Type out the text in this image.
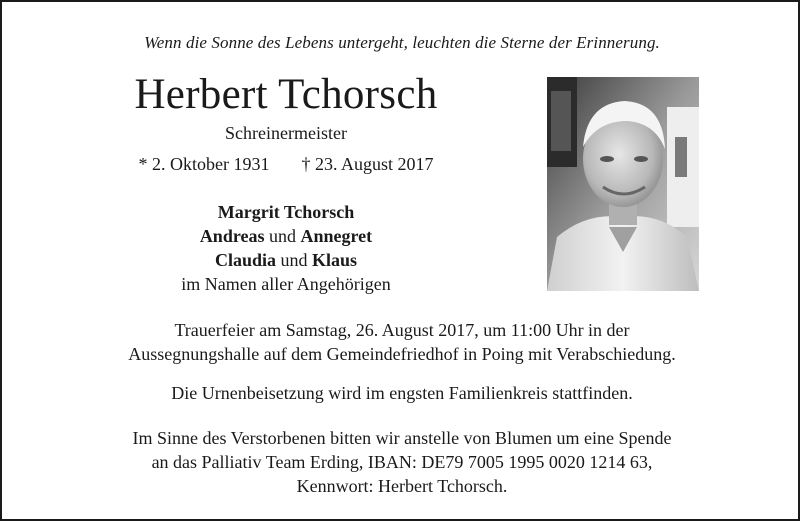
Wenn die Sonne des Lebens untergeht, leuchten die Sterne der Erinnerung.
Herbert Tchorsch
Schreinermeister
* 2. Oktober 1931 † 23. August 2017
Margrit Tchorsch
Andreas und Annegret
Claudia und Klaus
im Namen aller Angehörigen
Trauerfeier am Samstag, 26. August 2017, um 11:00 Uhr in der
Aussegnungshalle auf dem Gemeindefriedhof in Poing mit Verabschiedung.
Die Urnenbeisetzung wird im engsten Familienkreis stattfinden.
Im Sinne des Verstorbenen bitten wir anstelle von Blumen um eine Spende
an das Palliativ Team Erding, IBAN: DE79 7005 1995 0020 1214 63,
Kennwort: Herbert Tchorsch.
